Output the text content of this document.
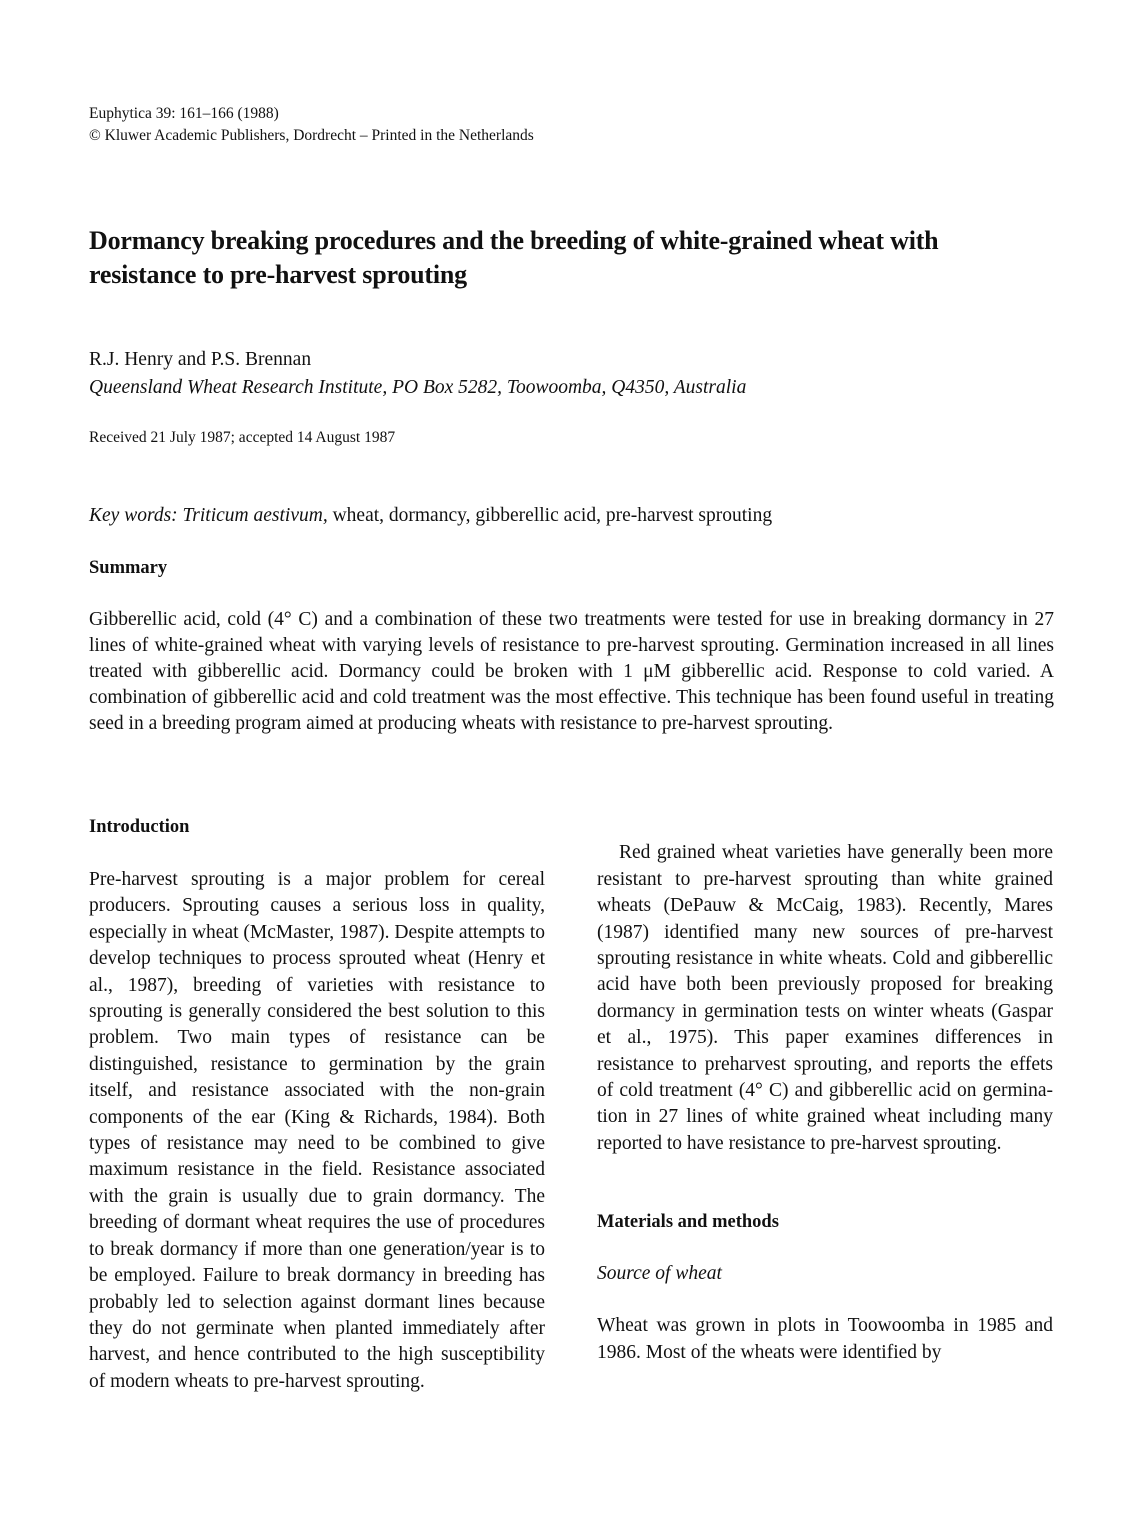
Euphytica 39: 161–166 (1988)
© Kluwer Academic Publishers, Dordrecht – Printed in the Netherlands
Dormancy breaking procedures and the breeding of white-grained wheat with resistance to pre-harvest sprouting
R.J. Henry and P.S. Brennan
Queensland Wheat Research Institute, PO Box 5282, Toowoomba, Q4350, Australia
Received 21 July 1987; accepted 14 August 1987
Key words: Triticum aestivum, wheat, dormancy, gibberellic acid, pre-harvest sprouting
Summary

Gibberellic acid, cold (4° C) and a combination of these two treatments were tested for use in breaking dormancy in 27 lines of white-grained wheat with varying levels of resistance to pre-harvest sprouting. Germination increased in all lines treated with gibberellic acid. Dormancy could be broken with 1 μM gibberellic acid. Response to cold varied. A combination of gibberellic acid and cold treatment was the most effective. This technique has been found useful in treating seed in a breeding program aimed at producing wheats with resistance to pre-harvest sprouting.

Introduction

Pre-harvest sprouting is a major problem for cereal producers. Sprouting causes a serious loss in quality, especially in wheat (McMaster, 1987). Despite attempts to develop techniques to process sprouted wheat (Henry et al., 1987), breeding of varieties with resistance to sprouting is generally considered the best solution to this problem. Two main types of resistance can be distinguished, resistance to germination by the grain itself, and resistance associated with the non-grain components of the ear (King & Richards, 1984). Both types of resistance may need to be combined to give maximum resistance in the field. Resistance associated with the grain is usually due to grain dormancy. The breeding of dormant wheat requires the use of procedures to break dormancy if more than one generation/year is to be employed. Failure to break dormancy in breeding has probably led to selection against dormant lines because they do not germinate when planted immediately after harvest, and hence contributed to the high susceptibility of modern wheats to pre-harvest sprouting.

Red grained wheat varieties have generally been more resistant to pre-harvest sprouting than white grained wheats (DePauw & McCaig, 1983). Recently, Mares (1987) identified many new sources of pre-harvest sprouting resistance in white wheats. Cold and gibberellic acid have both been previously proposed for breaking dormancy in germination tests on winter wheats (Gaspar et al., 1975). This paper examines differences in resistance to preharvest sprouting, and reports the effets of cold treatment (4° C) and gibberellic acid on germination in 27 lines of white grained wheat including many reported to have resistance to pre-harvest sprouting.

Materials and methods
Source of wheat

Wheat was grown in plots in Toowoomba in 1985 and 1986. Most of the wheats were identified by
